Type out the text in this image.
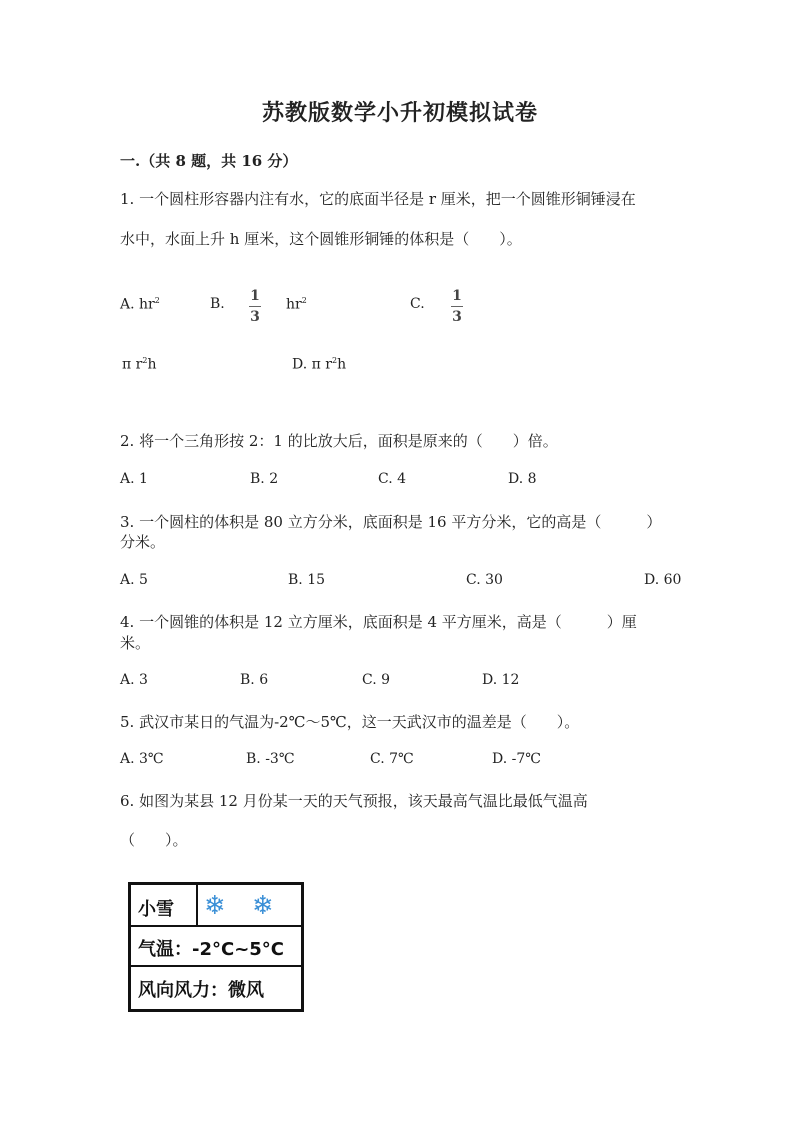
苏教版数学小升初模拟试卷
一.（共 8 题，共 16 分）
1. 一个圆柱形容器内注有水，它的底面半径是 r 厘米，把一个圆锥形铜锤浸在
水中，水面上升 h 厘米，这个圆锥形铜锤的体积是（　　）。
A. $hr^2$	B. 1
3
$hr^2$	C. 1
3
π $r^2h$	D. π $r^2h$
2. 将一个三角形按 2：1 的比放大后，面积是原来的（　　）倍。
A. 1	B. 2	C. 4	D. 8
3. 一个圆柱的体积是 80 立方分米，底面积是 16 平方分米，它的高是（　　　）
分米。
A. 5	B. 15	C. 30	D. 60
4. 一个圆锥的体积是 12 立方厘米，底面积是 4 平方厘米，高是（　　　）厘
米。
A. 3	B. 6	C. 9	D. 12
5. 武汉市某日的气温为-2℃～5℃，这一天武汉市的温差是（　　）。
A. 3℃	B. -3℃	C. 7℃	D. -7℃
6. 如图为某县 12 月份某一天的天气预报，该天最高气温比最低气温高
（　　）。
小雪 ❄ ❄
气温：-2°C~5°C
风向风力：微风
